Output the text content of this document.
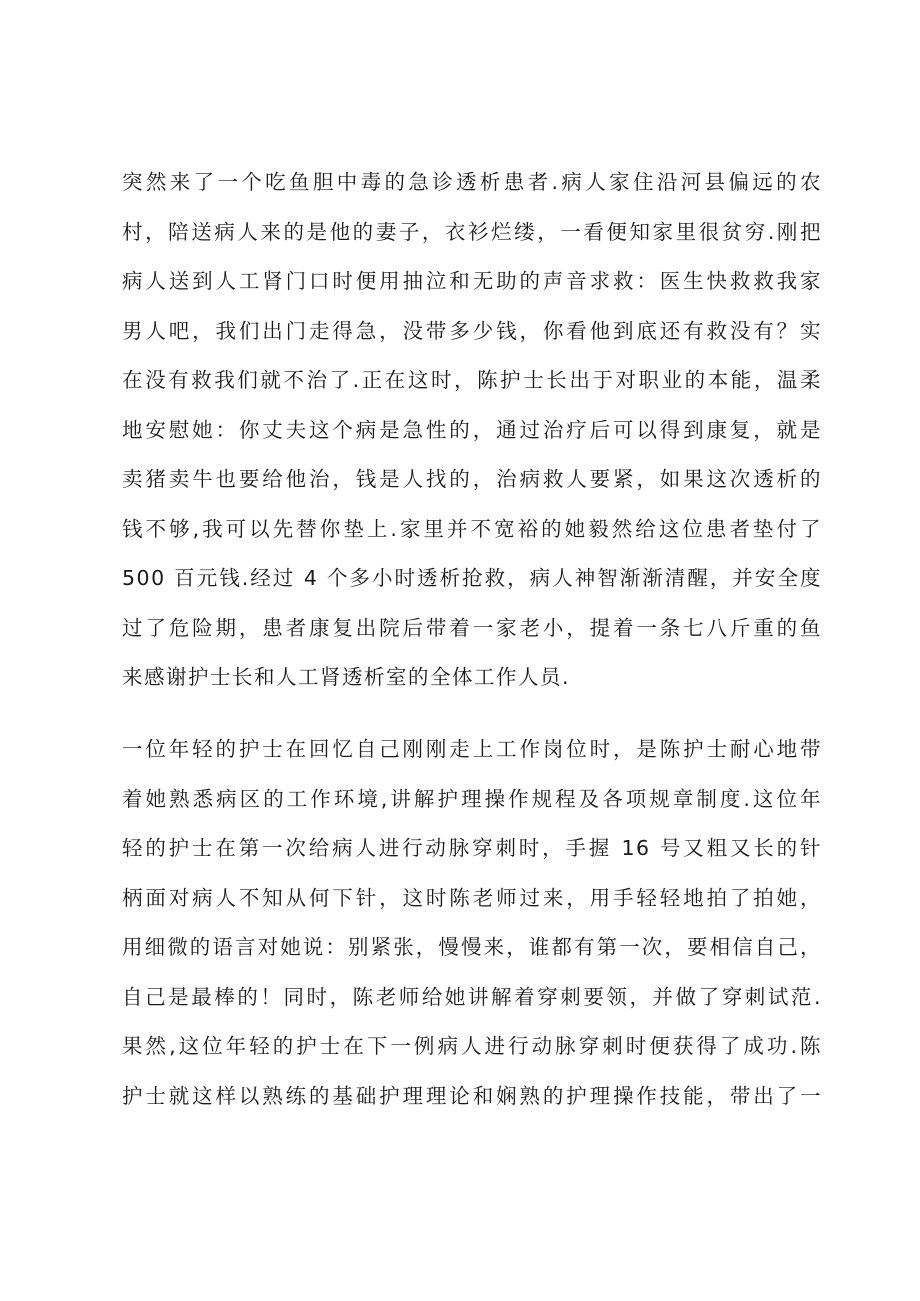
突然来了一个吃鱼胆中毒的急诊透析患者.病人家住沿河县偏远的农
村，陪送病人来的是他的妻子，衣衫烂缕，一看便知家里很贫穷.刚把
病人送到人工肾门口时便用抽泣和无助的声音求救：医生快救救我家
男人吧，我们出门走得急，没带多少钱，你看他到底还有救没有？实
在没有救我们就不治了.正在这时，陈护士长出于对职业的本能，温柔
地安慰她：你丈夫这个病是急性的，通过治疗后可以得到康复，就是
卖猪卖牛也要给他治，钱是人找的，治病救人要紧，如果这次透析的
钱不够,我可以先替你垫上.家里并不宽裕的她毅然给这位患者垫付了
500 百元钱.经过 4 个多小时透析抢救，病人神智渐渐清醒，并安全度
过了危险期，患者康复出院后带着一家老小，提着一条七八斤重的鱼
来感谢护士长和人工肾透析室的全体工作人员.
一位年轻的护士在回忆自己刚刚走上工作岗位时，是陈护士耐心地带
着她熟悉病区的工作环境,讲解护理操作规程及各项规章制度.这位年
轻的护士在第一次给病人进行动脉穿刺时，手握 16 号又粗又长的针
柄面对病人不知从何下针，这时陈老师过来，用手轻轻地拍了拍她，
用细微的语言对她说：别紧张，慢慢来，谁都有第一次，要相信自己，
自己是最棒的！同时，陈老师给她讲解着穿刺要领，并做了穿刺试范.
果然,这位年轻的护士在下一例病人进行动脉穿刺时便获得了成功.陈
护士就这样以熟练的基础护理理论和娴熟的护理操作技能，带出了一
